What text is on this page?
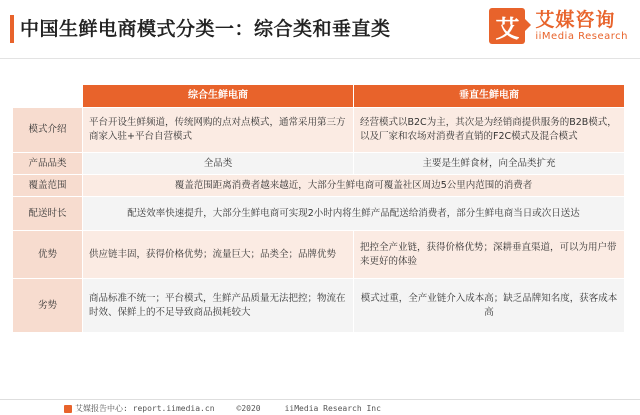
中国生鲜电商模式分类一：综合类和垂直类	艾 艾媒咨询
iiMedia Research
	综合生鲜电商	垂直生鲜电商
模式介绍	平台开设生鲜频道，传统网购的点对点模式，通常采用第三方商家入驻+平台自营模式	经营模式以B2C为主，其次是为经销商提供服务的B2B模式，以及厂家和农场对消费者直销的F2C模式及混合模式
产品品类	全品类	主要是生鲜食材，向全品类扩充
覆盖范围	覆盖范围距离消费者越来越近，大部分生鲜电商可覆盖社区周边5公里内范围的消费者	
配送时长	配送效率快速提升，大部分生鲜电商可实现2小时内将生鲜产品配送给消费者，部分生鲜电商当日或次日送达	
优势	供应链丰固，获得价格优势；流量巨大；品类全；品牌优势	把控全产业链，获得价格优势；深耕垂直渠道，可以为用户带来更好的体验
劣势	商品标准不统一；平台模式，生鲜产品质量无法把控；物流在时效、保鲜上的不足导致商品损耗较大	模式过重，全产业链介入成本高；缺乏品牌知名度，获客成本高
艾媒报告中心: report.iimedia.cn	©2020	iiMedia Research Inc
